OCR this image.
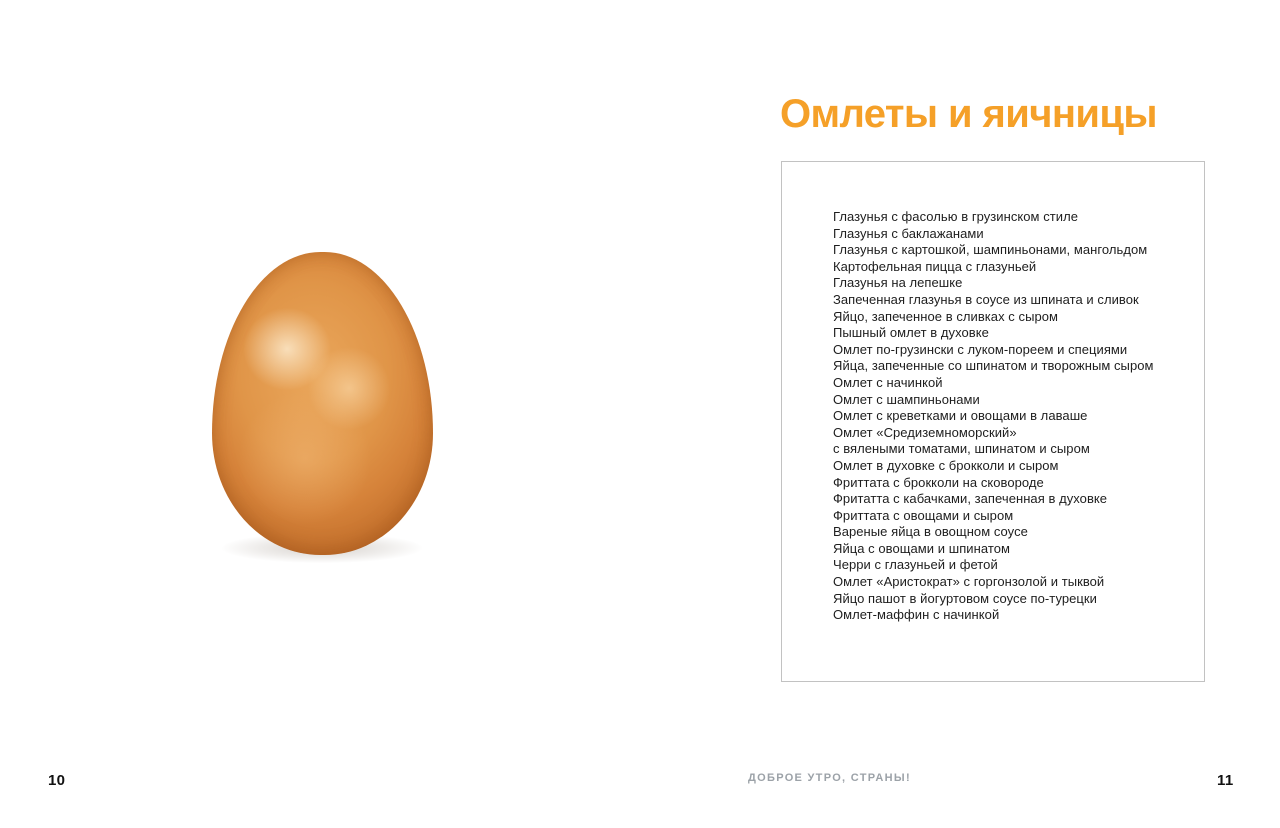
10
Омлеты и яичницы
Глазунья с фасолью в грузинском стиле
Глазунья с баклажанами
Глазунья с картошкой, шампиньонами, мангольдом
Картофельная пицца с глазуньей
Глазунья на лепешке
Запеченная глазунья в соусе из шпината и сливок
Яйцо, запеченное в сливках с сыром
Пышный омлет в духовке
Омлет по-грузински с луком-пореем и специями
Яйца, запеченные со шпинатом и творожным сыром
Омлет с начинкой
Омлет с шампиньонами
Омлет с креветками и овощами в лаваше
Омлет «Средиземноморский»
с вялеными томатами, шпинатом и сыром
Омлет в духовке с брокколи и сыром
Фриттата с брокколи на сковороде
Фритатта с кабачками, запеченная в духовке
Фриттата с овощами и сыром
Вареные яйца в овощном соусе
Яйца с овощами и шпинатом
Черри с глазуньей и фетой
Омлет «Аристократ» с горгонзолой и тыквой
Яйцо пашот в йогуртовом соусе по-турецки
Омлет-маффин с начинкой
ДОБРОЕ УТРО, СТРАНЫ!	11
